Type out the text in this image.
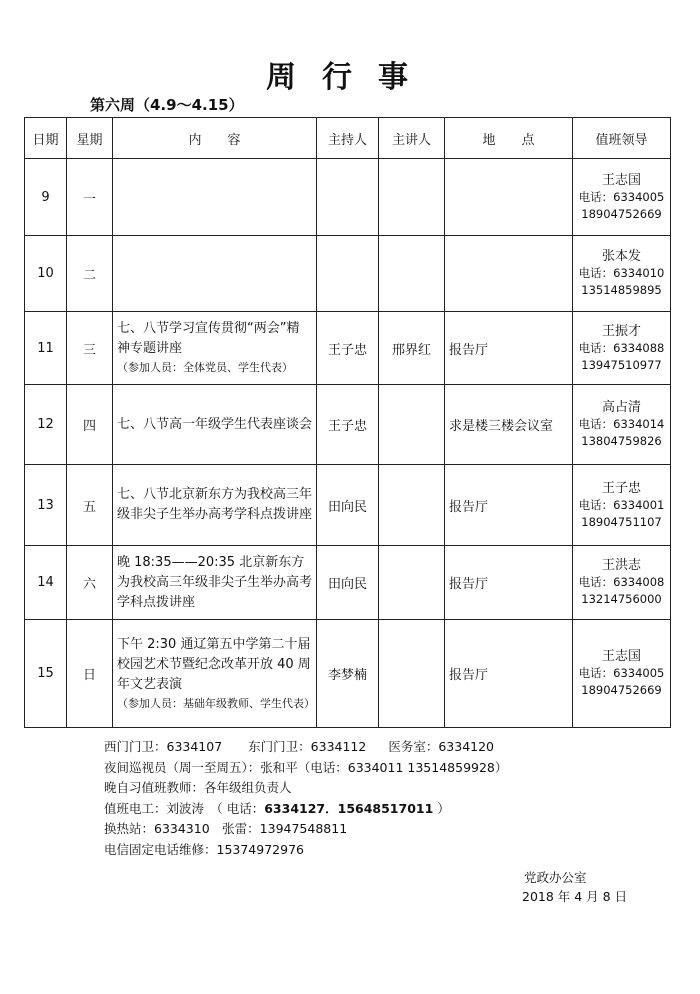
周行事
第六周（4.9～4.15）
日期	星期	内　　容	主持人	主讲人	地　　点	值班领导
9	一					王志国
电话：6334005
18904752669

10	二					张本发
电话：6334010
13514859895

11	三	七、八节学习宣传贯彻“两会”精神专题讲座
（参加人员：全体党员、学生代表）	王子忠	邢界红	报告厅	王振才
电话：6334088
13947510977

12	四	七、八节高一年级学生代表座谈会	王子忠		求是楼三楼会议室	高占清
电话：6334014
13804759826

13	五	七、八节北京新东方为我校高三年级非尖子生举办高考学科点拨讲座	田向民		报告厅	王子忠
电话：6334001
18904751107

14	六	晚 18:35——20:35 北京新东方为我校高三年级非尖子生举办高考学科点拨讲座	田向民		报告厅	王洪志
电话：6334008
13214756000

15	日	下午 2:30 通辽第五中学第二十届校园艺术节暨纪念改革开放 40 周年文艺表演
（参加人员：基础年级教师、学生代表）	李梦楠		报告厅	王志国
电话：6334005
18904752669
西门门卫：6334107 东门门卫：6334112 医务室：6334120
夜间巡视员（周一至周五）：张和平（电话：6334011 13514859928）
晚自习值班教师：各年级组负责人
值班电工：刘波涛　（ 电话：6334127．15648517011 ）
换热站：6334310　张雷：13947548811
电信固定电话维修：15374972976
党政办公室
2018 年 4 月 8 日
